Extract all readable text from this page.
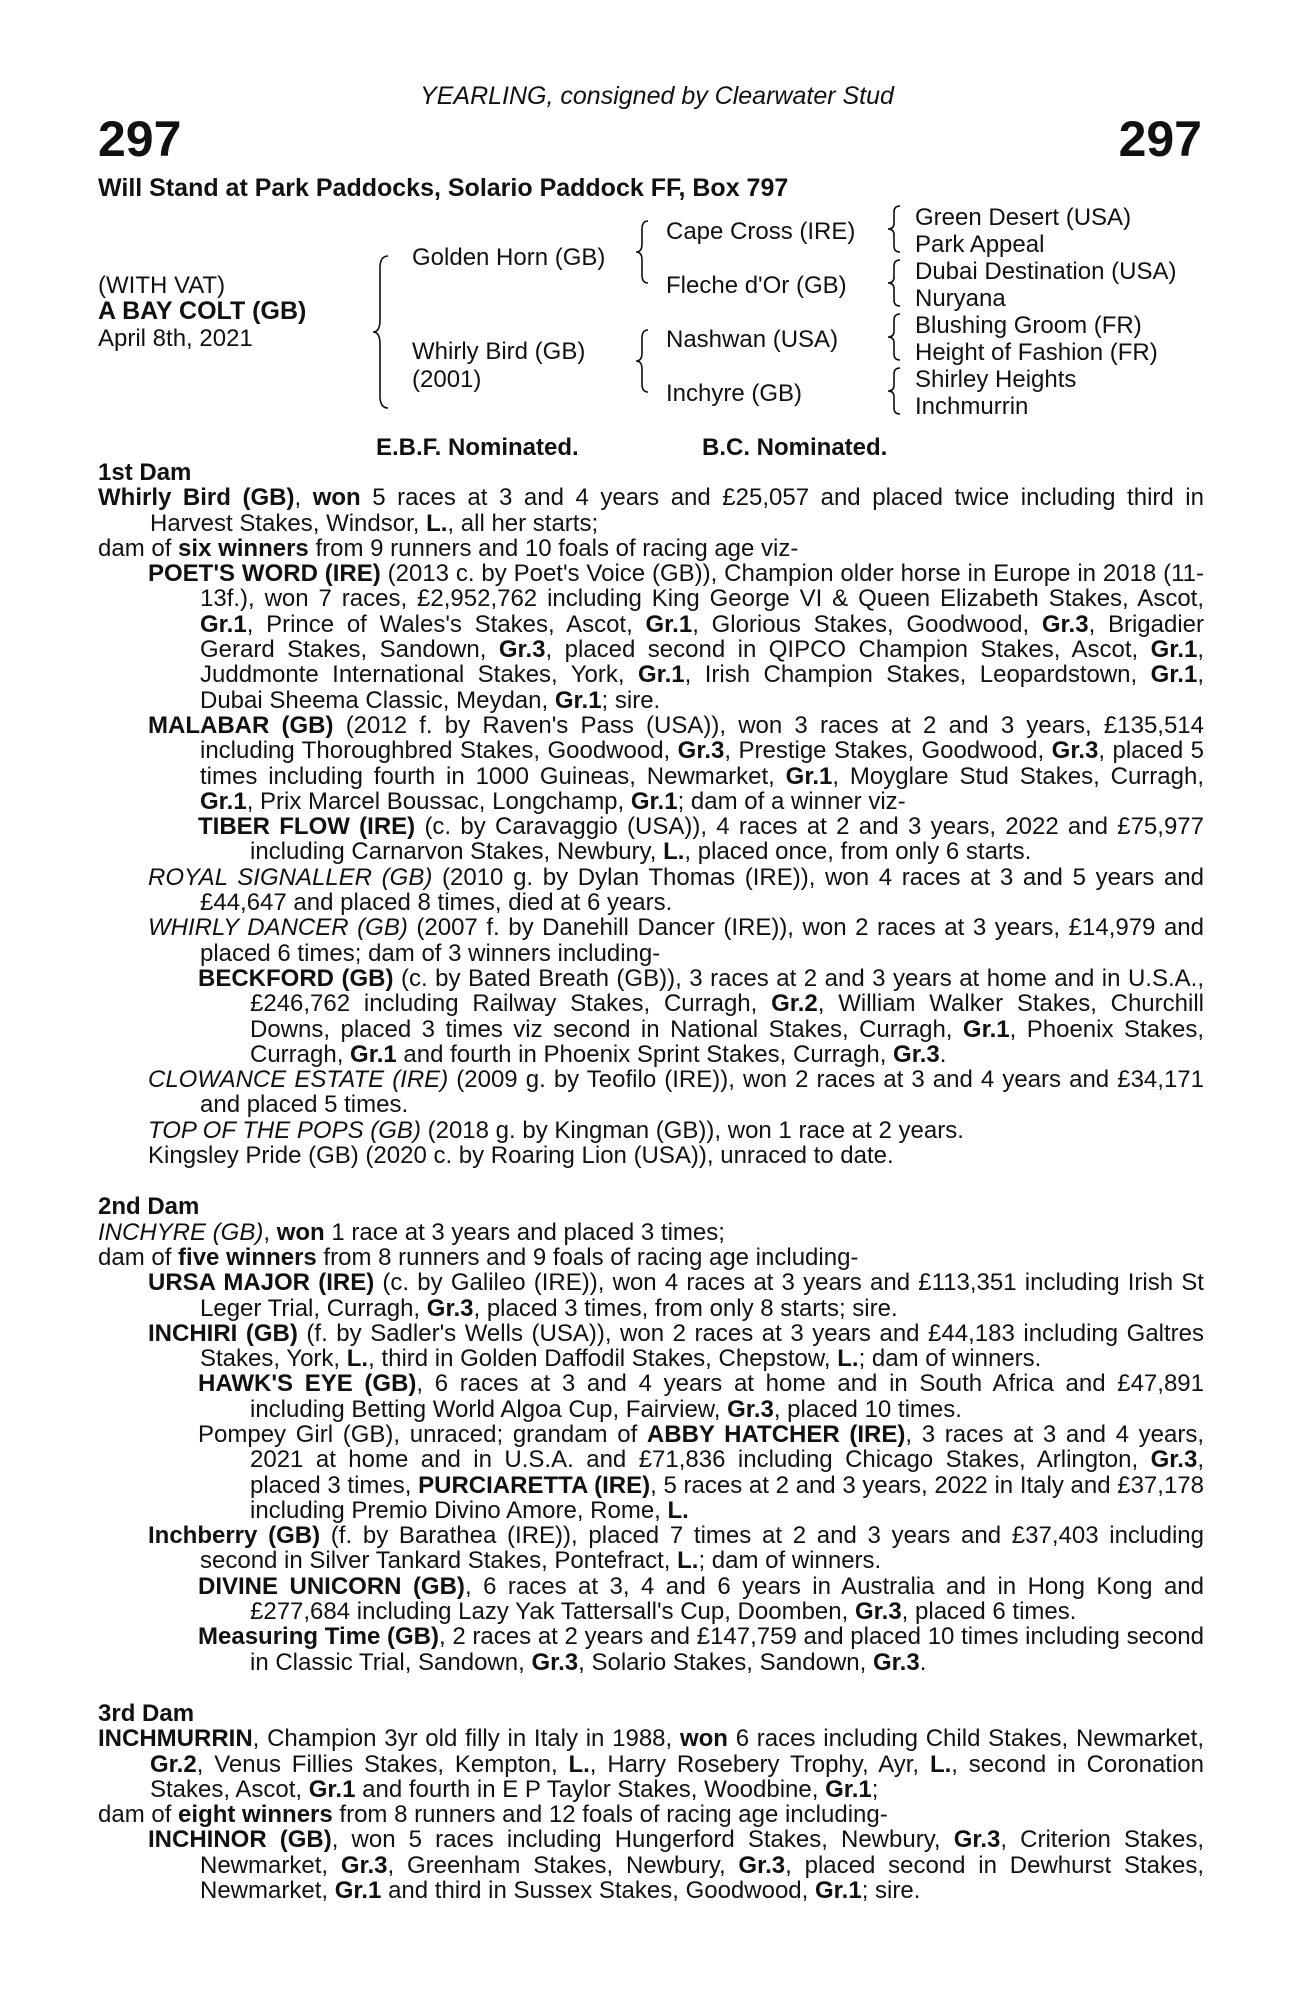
YEARLING, consigned by Clearwater Stud
297	297
Will Stand at Park Paddocks, Solario Paddock FF, Box 797
(WITH VAT)
A BAY COLT (GB)
April 8th, 2021
Golden Horn (GB)
Whirly Bird (GB)
(2001)
Cape Cross (IRE)
Fleche d'Or (GB)
Nashwan (USA)
Inchyre (GB)
Green Desert (USA)
Park Appeal
Dubai Destination (USA)
Nuryana
Blushing Groom (FR)
Height of Fashion (FR)
Shirley Heights
Inchmurrin
E.B.F. Nominated.	B.C. Nominated.
1st Dam

Whirly Bird (GB), won 5 races at 3 and 4 years and £25,057 and placed twice including third in Harvest Stakes, Windsor, L., all her starts;

dam of six winners from 9 runners and 10 foals of racing age viz-

POET'S WORD (IRE) (2013 c. by Poet's Voice (GB)), Champion older horse in Europe in 2018 (11-13f.), won 7 races, £2,952,762 including King George VI & Queen Elizabeth Stakes, Ascot, Gr.1, Prince of Wales's Stakes, Ascot, Gr.1, Glorious Stakes, Goodwood, Gr.3, Brigadier Gerard Stakes, Sandown, Gr.3, placed second in QIPCO Champion Stakes, Ascot, Gr.1, Juddmonte International Stakes, York, Gr.1, Irish Champion Stakes, Leopardstown, Gr.1, Dubai Sheema Classic, Meydan, Gr.1; sire.

MALABAR (GB) (2012 f. by Raven's Pass (USA)), won 3 races at 2 and 3 years, £135,514 including Thoroughbred Stakes, Goodwood, Gr.3, Prestige Stakes, Goodwood, Gr.3, placed 5 times including fourth in 1000 Guineas, Newmarket, Gr.1, Moyglare Stud Stakes, Curragh, Gr.1, Prix Marcel Boussac, Longchamp, Gr.1; dam of a winner viz-

TIBER FLOW (IRE) (c. by Caravaggio (USA)), 4 races at 2 and 3 years, 2022 and £75,977 including Carnarvon Stakes, Newbury, L., placed once, from only 6 starts.

ROYAL SIGNALLER (GB) (2010 g. by Dylan Thomas (IRE)), won 4 races at 3 and 5 years and £44,647 and placed 8 times, died at 6 years.

WHIRLY DANCER (GB) (2007 f. by Danehill Dancer (IRE)), won 2 races at 3 years, £14,979 and placed 6 times; dam of 3 winners including-

BECKFORD (GB) (c. by Bated Breath (GB)), 3 races at 2 and 3 years at home and in U.S.A., £246,762 including Railway Stakes, Curragh, Gr.2, William Walker Stakes, Churchill Downs, placed 3 times viz second in National Stakes, Curragh, Gr.1, Phoenix Stakes, Curragh, Gr.1 and fourth in Phoenix Sprint Stakes, Curragh, Gr.3.

CLOWANCE ESTATE (IRE) (2009 g. by Teofilo (IRE)), won 2 races at 3 and 4 years and £34,171 and placed 5 times.

TOP OF THE POPS (GB) (2018 g. by Kingman (GB)), won 1 race at 2 years.

Kingsley Pride (GB) (2020 c. by Roaring Lion (USA)), unraced to date.

2nd Dam

INCHYRE (GB), won 1 race at 3 years and placed 3 times;

dam of five winners from 8 runners and 9 foals of racing age including-

URSA MAJOR (IRE) (c. by Galileo (IRE)), won 4 races at 3 years and £113,351 including Irish St Leger Trial, Curragh, Gr.3, placed 3 times, from only 8 starts; sire.

INCHIRI (GB) (f. by Sadler's Wells (USA)), won 2 races at 3 years and £44,183 including Galtres Stakes, York, L., third in Golden Daffodil Stakes, Chepstow, L.; dam of winners.

HAWK'S EYE (GB), 6 races at 3 and 4 years at home and in South Africa and £47,891 including Betting World Algoa Cup, Fairview, Gr.3, placed 10 times.

Pompey Girl (GB), unraced; grandam of ABBY HATCHER (IRE), 3 races at 3 and 4 years, 2021 at home and in U.S.A. and £71,836 including Chicago Stakes, Arlington, Gr.3, placed 3 times, PURCIARETTA (IRE), 5 races at 2 and 3 years, 2022 in Italy and £37,178 including Premio Divino Amore, Rome, L.

Inchberry (GB) (f. by Barathea (IRE)), placed 7 times at 2 and 3 years and £37,403 including second in Silver Tankard Stakes, Pontefract, L.; dam of winners.

DIVINE UNICORN (GB), 6 races at 3, 4 and 6 years in Australia and in Hong Kong and £277,684 including Lazy Yak Tattersall's Cup, Doomben, Gr.3, placed 6 times.

Measuring Time (GB), 2 races at 2 years and £147,759 and placed 10 times including second in Classic Trial, Sandown, Gr.3, Solario Stakes, Sandown, Gr.3.

3rd Dam

INCHMURRIN, Champion 3yr old filly in Italy in 1988, won 6 races including Child Stakes, Newmarket, Gr.2, Venus Fillies Stakes, Kempton, L., Harry Rosebery Trophy, Ayr, L., second in Coronation Stakes, Ascot, Gr.1 and fourth in E P Taylor Stakes, Woodbine, Gr.1;

dam of eight winners from 8 runners and 12 foals of racing age including-

INCHINOR (GB), won 5 races including Hungerford Stakes, Newbury, Gr.3, Criterion Stakes, Newmarket, Gr.3, Greenham Stakes, Newbury, Gr.3, placed second in Dewhurst Stakes, Newmarket, Gr.1 and third in Sussex Stakes, Goodwood, Gr.1; sire.
